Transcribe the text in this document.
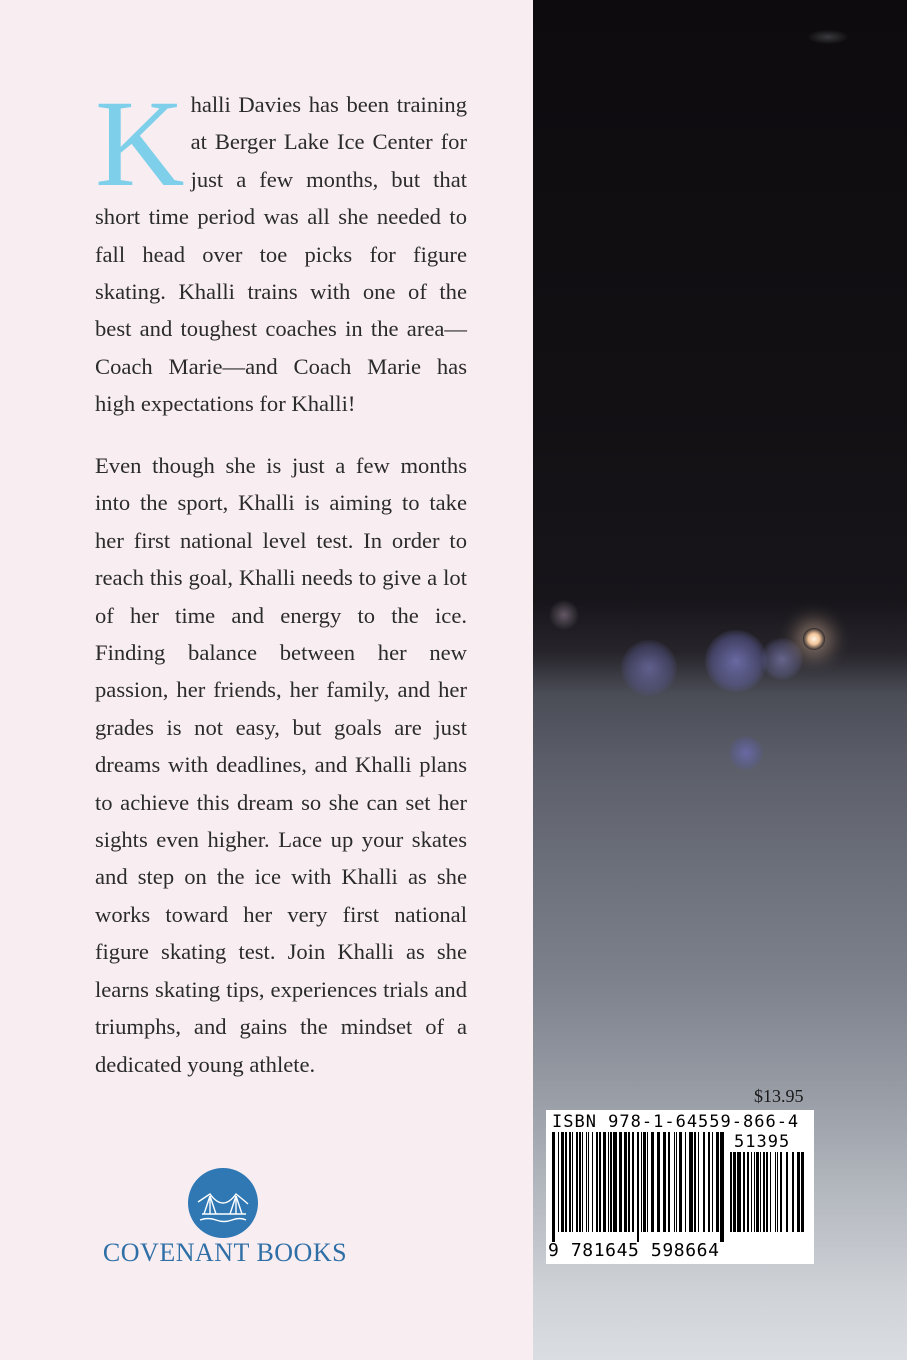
Khalli Davies has been training at Berger Lake Ice Center for just a few months, but that short time period was all she needed to fall head over toe picks for figure skating. Khalli trains with one of the best and toughest coaches in the area—Coach Marie—and Coach Marie has high expectations for Khalli!

Even though she is just a few months into the sport, Khalli is aiming to take her first national level test. In order to reach this goal, Khalli needs to give a lot of her time and energy to the ice. Finding balance between her new passion, her friends, her family, and her grades is not easy, but goals are just dreams with deadlines, and Khalli plans to achieve this dream so she can set her sights even higher. Lace up your skates and step on the ice with Khalli as she works toward her very first national figure skating test. Join Khalli as she learns skating tips, experiences trials and triumphs, and gains the mindset of a dedicated young athlete.

COVENANT BOOKS
$13.95
ISBN 978-1-64559-866-4
51395
9 781645 598664
